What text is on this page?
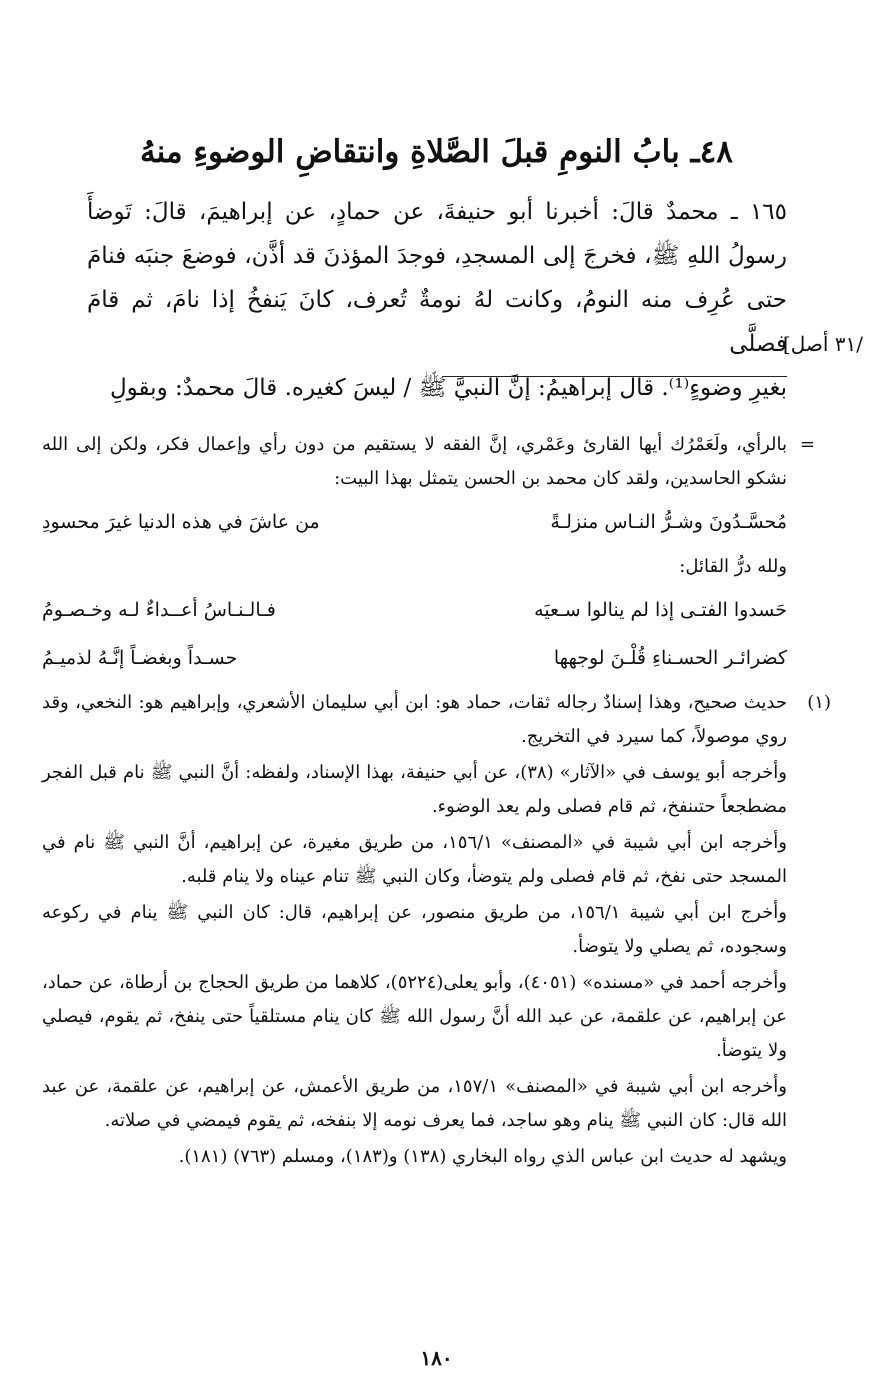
٤٨ـ بابُ النومِ قبلَ الصَّلاةِ وانتقاضِ الوضوءِ منهُ

١٦٥ ـ محمدٌ قالَ: أخبرنا أبو حنيفةَ، عن حمادٍ، عن إبراهيمَ، قالَ: تَوضأَ

رسولُ اللهِ ﷺ، فخرجَ إلى المسجدِ، فوجدَ المؤذنَ قد أذَّن، فوضعَ جنبَه فنامَ

حتى عُرِف منه النومُ، وكانت لهُ نومةٌ تُعرف، كانَ يَنفخُ إذا نامَ، ثم قامَ فصلَّى

بغيرِ وضوءٍ⁽¹⁾. قال إبراهيمُ: إنَّ النبيَّ ﷺ / ليسَ كغيره. قالَ محمدٌ: وبقولِ

/٣١ أصل]

=
بالرأي، ولَعَمْرُك أيها القارئ وعَمْري، إنَّ الفقه لا يستقيم من دون رأي وإعمال فكر، ولكن إلى الله نشكو الحاسدين، ولقد كان محمد بن الحسن يتمثل بهذا البيت:

مُحسَّـدُونَ وشـرُّ النـاس منزلـةً
من عاشَ في هذه الدنيا غيرَ محسودِ

ولله درُّ القائل:

حَسدوا الفتـى إذا لم ينالوا سـعيَه
فـالـنـاسُ أعــداءٌ لـه وخـصـومُ
كضرائـر الحسـناءِ قُلْـنَ لوجهها
حسـداً وبغضـاً إنَّـهُ لذميـمُ

(١)
حديث صحيح، وهذا إسنادٌ رجاله ثقات، حماد هو: ابن أبي سليمان الأشعري، وإبراهيم هو: النخعي، وقد روي موصولاً، كما سيرد في التخريج.

وأخرجه أبو يوسف في «الآثار» (٣٨)، عن أبي حنيفة، بهذا الإسناد، ولفظه: أنَّ النبي ﷺ نام قبل الفجر مضطجعاً حتىنفخ، ثم قام فصلى ولم يعد الوضوء.

وأخرجه ابن أبي شيبة في «المصنف» ١٥٦/١، من طريق مغيرة، عن إبراهيم، أنَّ النبي ﷺ نام في المسجد حتى نفخ، ثم قام فصلى ولم يتوضأ، وكان النبي ﷺ تنام عيناه ولا ينام قلبه.

وأخرج ابن أبي شيبة ١٥٦/١، من طريق منصور، عن إبراهيم، قال: كان النبي ﷺ ينام في ركوعه وسجوده، ثم يصلي ولا يتوضأ.

وأخرجه أحمد في «مسنده» (٤٠٥١)، وأبو يعلى(٥٢٢٤)، كلاهما من طريق الحجاج بن أرطاة، عن حماد، عن إبراهيم، عن علقمة، عن عبد الله أنَّ رسول الله ﷺ كان ينام مستلقياً حتى ينفخ، ثم يقوم، فيصلي ولا يتوضأ.

وأخرجه ابن أبي شيبة في «المصنف» ١٥٧/١، من طريق الأعمش، عن إبراهيم، عن علقمة، عن عبد الله قال: كان النبي ﷺ ينام وهو ساجد، فما يعرف نومه إلا بنفخه، ثم يقوم فيمضي في صلاته.

ويشهد له حديث ابن عباس الذي رواه البخاري (١٣٨) و(١٨٣)، ومسلم (٧٦٣) (١٨١).

١٨٠
